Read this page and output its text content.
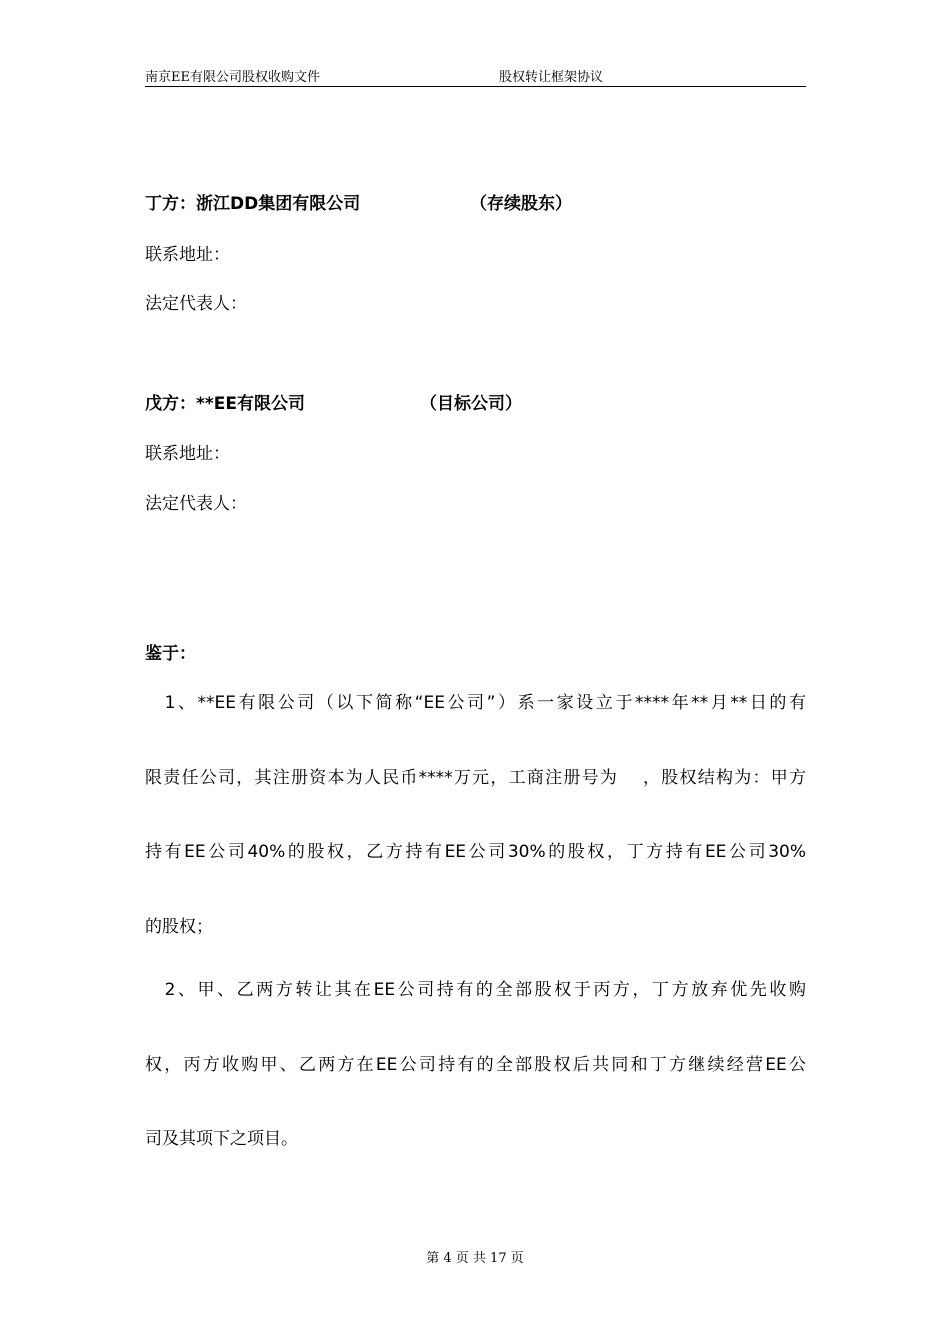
南京EE有限公司股权收购文件	股权转让框架协议
丁方：浙江DD集团有限公司	（存续股东）
联系地址：
法定代表人：
戊方：**EE有限公司	（目标公司）
联系地址：
法定代表人：
鉴于：
　1、**EE有限公司（以下简称“EE公司”）系一家设立于****年**月**日的有
限责任公司，其注册资本为人民币****万元，工商注册号为　 ，股权结构为：甲方
持有EE公司40%的股权，乙方持有EE公司30%的股权，丁方持有EE公司30%
的股权；
　2、甲、乙两方转让其在EE公司持有的全部股权于丙方，丁方放弃优先收购
权，丙方收购甲、乙两方在EE公司持有的全部股权后共同和丁方继续经营EE公
司及其项下之项目。
第 4 页 共 17 页
